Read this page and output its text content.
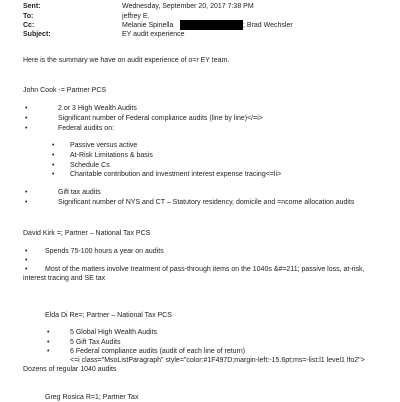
Sent:	Wednesday, September 20, 2017 7:38 PM
To:	jeffrey E.
Cc:	Melanie Spinella	; Brad Wechsler
Subject:	EY audit experience
Here is the summary we have on audit experience of o=r EY team.
John Cook -= Partner PCS
•	2 or 3 High Wealth Audits
•	Significant number of Federal compliance audits (line by line)</=i>
•	Federal audits on:
• Passive versus active
• At-Risk Limitations & basis
• Schedule Cs
• Charitable contribution and investment interest expense tracing<=li>
•	Gift tax audits
•	Significant number of NYS and CT – Statutory residency, domicile and =ncome allocation audits
David Kirk =; Partner – National Tax PCS
•	Spends 75-100 hours a year on audits
•
•	Most of the matters involve treatment of pass-through items on the 1040s &#=211; passive loss, at-risk, interest tracing and SE tax
Elda Di Re=; Partner – National Tax PCS
•	5 Global High Wealth Audits
•	5 Gift Tax Audits
•	6 Federal compliance audits (audit of each line of return)
<=i class="MsoListParagraph" style="color:#1F497D;margin-left:-15.6pt;ms=-list:l1 level1 lfo2"> Dozens of regular 1040 audits
Greg Rosica R=1; Partner Tax
